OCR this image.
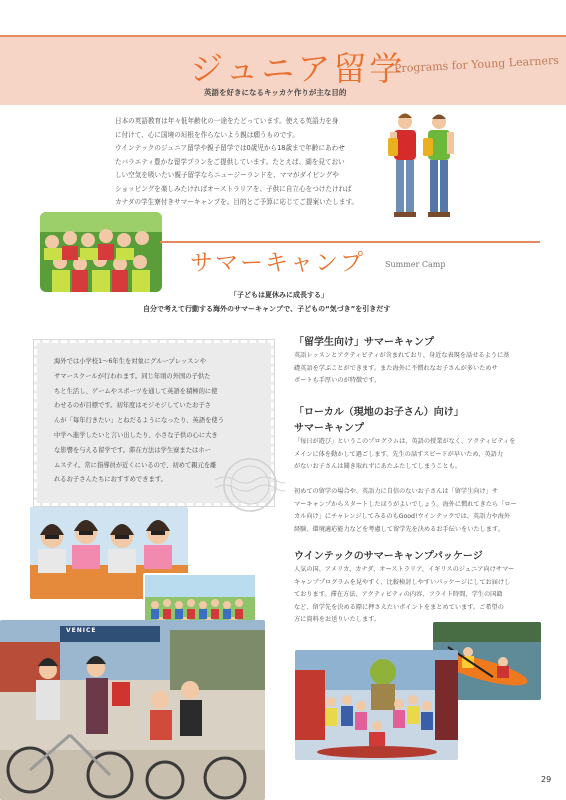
ジュニア留学
Programs for Young Learners
英語を好きになるキッカケ作りが主な目的

日本の英語教育は年々低年齢化の一途をたどっています。使える英語力を身

に付けて、心に国境の垣根を作らないよう親は願うものです。

ウインテックのジュニア留学や親子留学では0歳児から18歳まで年齢にあわせ

たバラエティ豊かな留学プランをご提供しています。たとえば、湖を見ておい

しい空気を吸いたい親子留学ならニュージーランドを、ママがダイビングや

ショッピングを楽しみたければオーストラリアを、子供に自立心をつけたければ

カナダの学生寮付きサマーキャンプを。目的とご予算に応じてご提案いたします。

サマーキャンプ	Summer Camp
「子どもは夏休みに成長する」
自分で考えて行動する海外のサマーキャンプで、子どもの“気づき”を引きだす
海外では小学校1～6年生を対象にグループレッスンや
サマースクールが行われます。同じ年頃の外国の子供た
ちと生活し、ゲームやスポーツを通して英語を積極的に使
わせるのが目標です。初年度はモジモジしていたお子さ
んが「毎年行きたい」とねだるようになったり、英語を使う
中学へ進学したいと言い出したり、小さな子供の心に大き
な影響を与える留学です。滞在方法は学生寮またはホー
ムステイ。常に指導員が近くにいるので、初めて親元を離
れるお子さんたちにおすすめできます。
「留学生向け」サマーキャンプ
英語レッスンとアクティビティが含まれており、身近な表現を話せるように基
礎英語を学ぶことができます。また海外に不慣れなお子さんが多いためサ
ポートも手厚いのが特徴です。
「ローカル（現地のお子さん）向け」
サマーキャンプ
「毎日が遊び」というこのプログラムは、英語の授業がなく、アクティビティを
メインに体を動かして過ごします。先生の話すスピードが早いため、英語力
がないお子さんは聞き取れずにあたふたしてしまうことも。
初めての留学の場合や、英語力に自信のないお子さんは「留学生向け」サ
マーキャンプからスタートしたほうがよいでしょう。海外に慣れてきたら「ロー
カル向け」にチャレンジしてみるのもGood!ウインテックでは、英語力や海外
経験、環境適応能力などを考慮して留学先を決めるお手伝いをいたします。
ウインテックのサマーキャンプパッケージ
人気の国、アメリカ、カナダ、オーストラリア、イギリスのジュニア向けサマー
キャンププログラムを見やすく、比較検討しやすいパッケージにしてお届けし
ております。滞在方法、アクティビティの内容、フライト時間、学生の国籍
など、留学先を決める際に押さえたいポイントをまとめています。ご希望の
方に資料をお送りいたします。
VENICE
29
